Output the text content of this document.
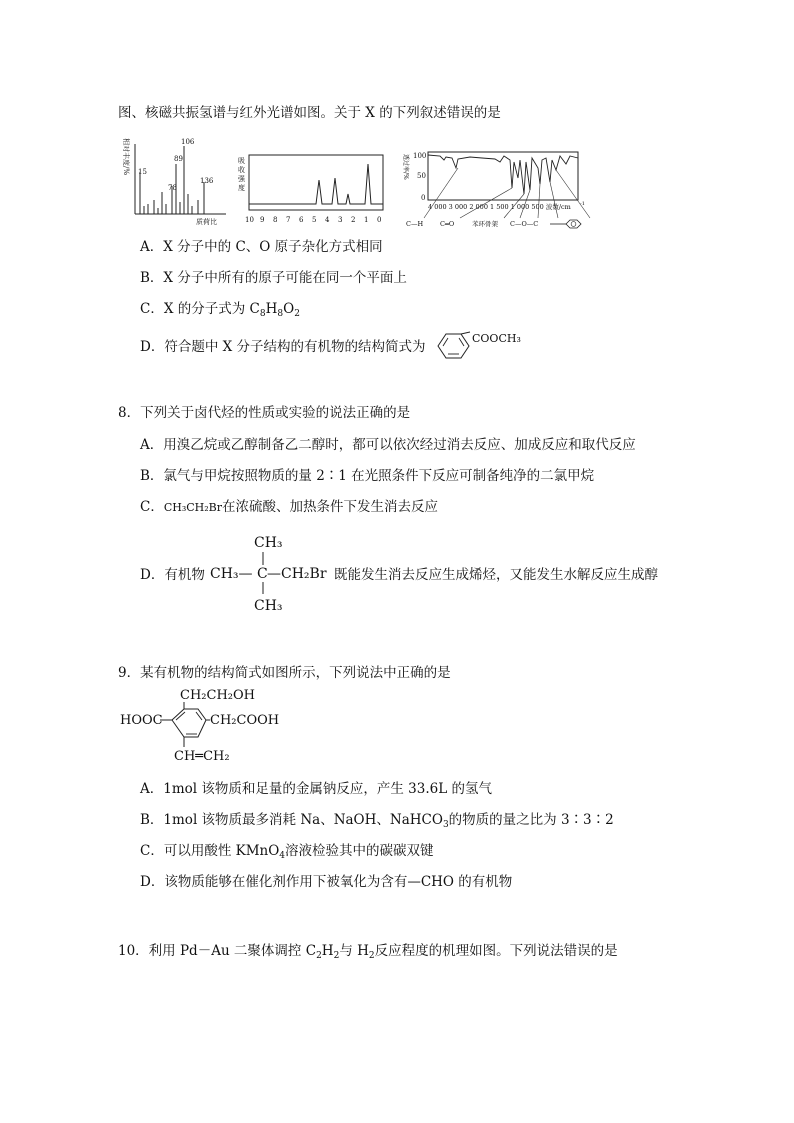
图、核磁共振氢谱与红外光谱如图。关于 X 的下列叙述错误的是
相对丰度/% 15
78
89
106
136
质荷比
吸
收
强
度
10 9 8 7 6 5 4 3 2 1 0
透过率/% 100
50
0
4 000 3 000 2 000 1 500 1 000 500 波数/cm -1
C—H	C═O	苯环骨架 C—O—C
A．X 分子中的 C、O 原子杂化方式相同
B．X 分子中所有的原子可能在同一个平面上
C．X 的分子式为 $C_8H_8O_2$
D．符合题中 X 分子结构的有机物的结构简式为
COOCH₃
8．下列关于卤代烃的性质或实验的说法正确的是
A．用溴乙烷或乙醇制备乙二醇时，都可以依次经过消去反应、加成反应和取代反应
B．氯气与甲烷按照物质的量 2∶1 在光照条件下反应可制备纯净的二氯甲烷
C．CH₃CH₂Br在浓硫酸、加热条件下发生消去反应
D．有机物
CH₃
CH₃— C —CH₂Br
CH₃
既能发生消去反应生成烯烃，又能发生水解反应生成醇
9．某有机物的结构简式如图所示，下列说法中正确的是
CH₂CH₂OH
HOOC	CH₂COOH
CH═CH₂
A．1mol 该物质和足量的金属钠反应，产生 33.6L 的氢气
B．1mol 该物质最多消耗 Na、NaOH、NaHCO$_3$的物质的量之比为 3∶3∶2
C．可以用酸性 KMnO$_4$溶液检验其中的碳碳双键
D．该物质能够在催化剂作用下被氧化为含有—CHO 的有机物
10．利用 Pd－Au 二聚体调控 $C_2H_2$与 $H_2$反应程度的机理如图。下列说法错误的是
